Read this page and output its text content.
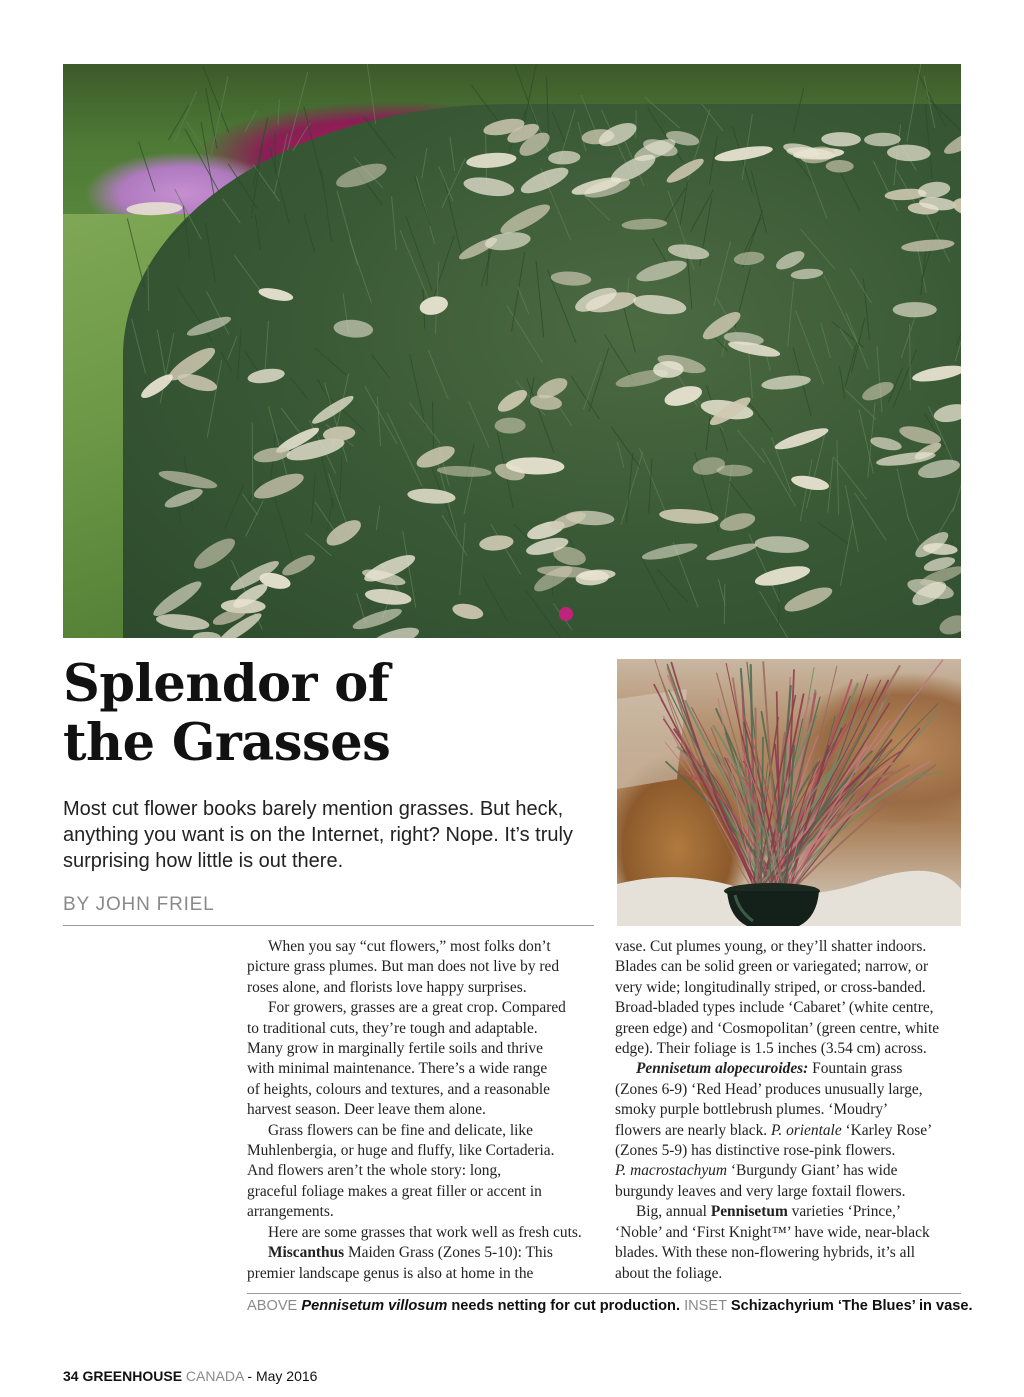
Splendor of
the Grasses

Most cut flower books barely mention grasses. But heck, anything you want is on the Internet, right? Nope. It’s truly surprising how little is out there.

BY JOHN FRIEL

When you say “cut flowers,” most folks don’t
picture grass plumes. But man does not live by red
roses alone, and florists love happy surprises.

For growers, grasses are a great crop. Compared
to traditional cuts, they’re tough and adaptable.
Many grow in marginally fertile soils and thrive
with minimal maintenance. There’s a wide range
of heights, colours and textures, and a reasonable
harvest season. Deer leave them alone.

Grass flowers can be fine and delicate, like
Muhlenbergia, or huge and fluffy, like Cortaderia.
And flowers aren’t the whole story: long,
graceful foliage makes a great filler or accent in
arrangements.

Here are some grasses that work well as fresh cuts.

Miscanthus Maiden Grass (Zones 5-10): This
premier landscape genus is also at home in the

vase. Cut plumes young, or they’ll shatter indoors.
Blades can be solid green or variegated; narrow, or
very wide; longitudinally striped, or cross-banded.
Broad-bladed types include ‘Cabaret’ (white centre,
green edge) and ‘Cosmopolitan’ (green centre, white
edge). Their foliage is 1.5 inches (3.54 cm) across.

Pennisetum alopecuroides: Fountain grass
(Zones 6-9) ‘Red Head’ produces unusually large,
smoky purple bottlebrush plumes. ‘Moudry’
flowers are nearly black. P. orientale ‘Karley Rose’
(Zones 5-9) has distinctive rose-pink flowers.
P. macrostachyum ‘Burgundy Giant’ has wide
burgundy leaves and very large foxtail flowers.

Big, annual Pennisetum varieties ‘Prince,’
‘Noble’ and ‘First Knight™’ have wide, near-black
blades. With these non-flowering hybrids, it’s all
about the foliage.

ABOVE Pennisetum villosum needs netting for cut production. INSET Schizachyrium ‘The Blues’ in vase.
34 GREENHOUSE CANADA - May 2016
